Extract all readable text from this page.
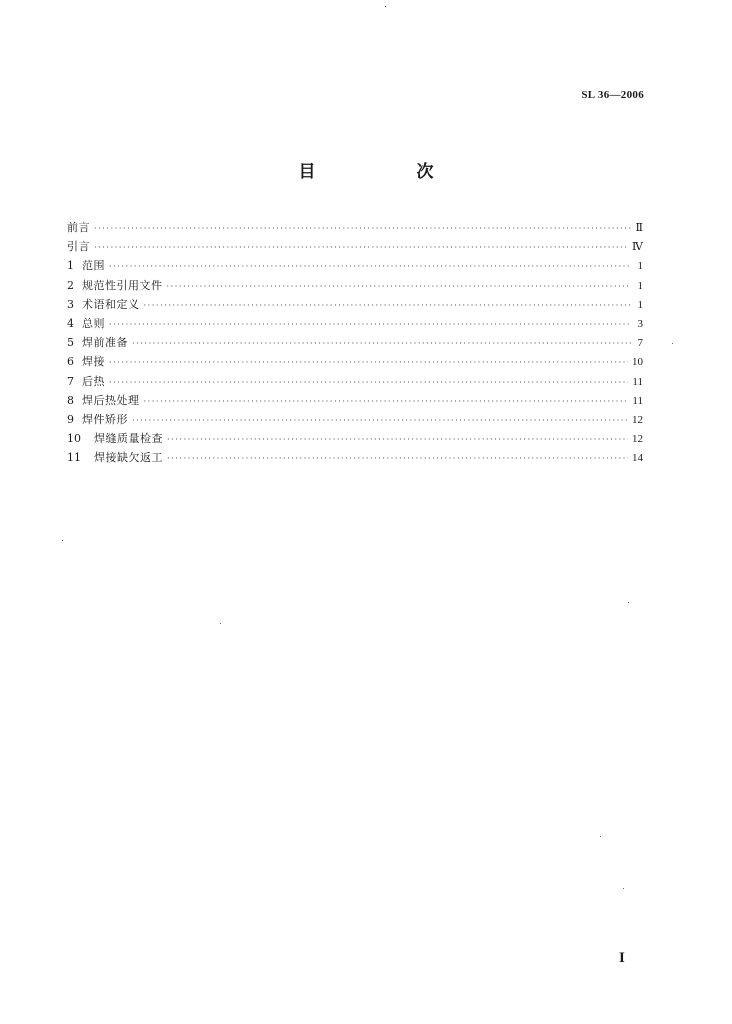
SL 36—2006
目　次
前言 ·····	Ⅱ
引言 ·····	Ⅳ
1 范围 ·····	1
2 规范性引用文件 ·····	1
3 术语和定义 ·····	1
4 总则 ·····	3
5 焊前准备 ·····	7
6 焊接 ·····	10
7 后热 ·····	11
8 焊后热处理 ·····	11
9 焊件矫形 ·····	12
10	焊缝质量检查 ·····	12
11	焊接缺欠返工 ·····	14
I
